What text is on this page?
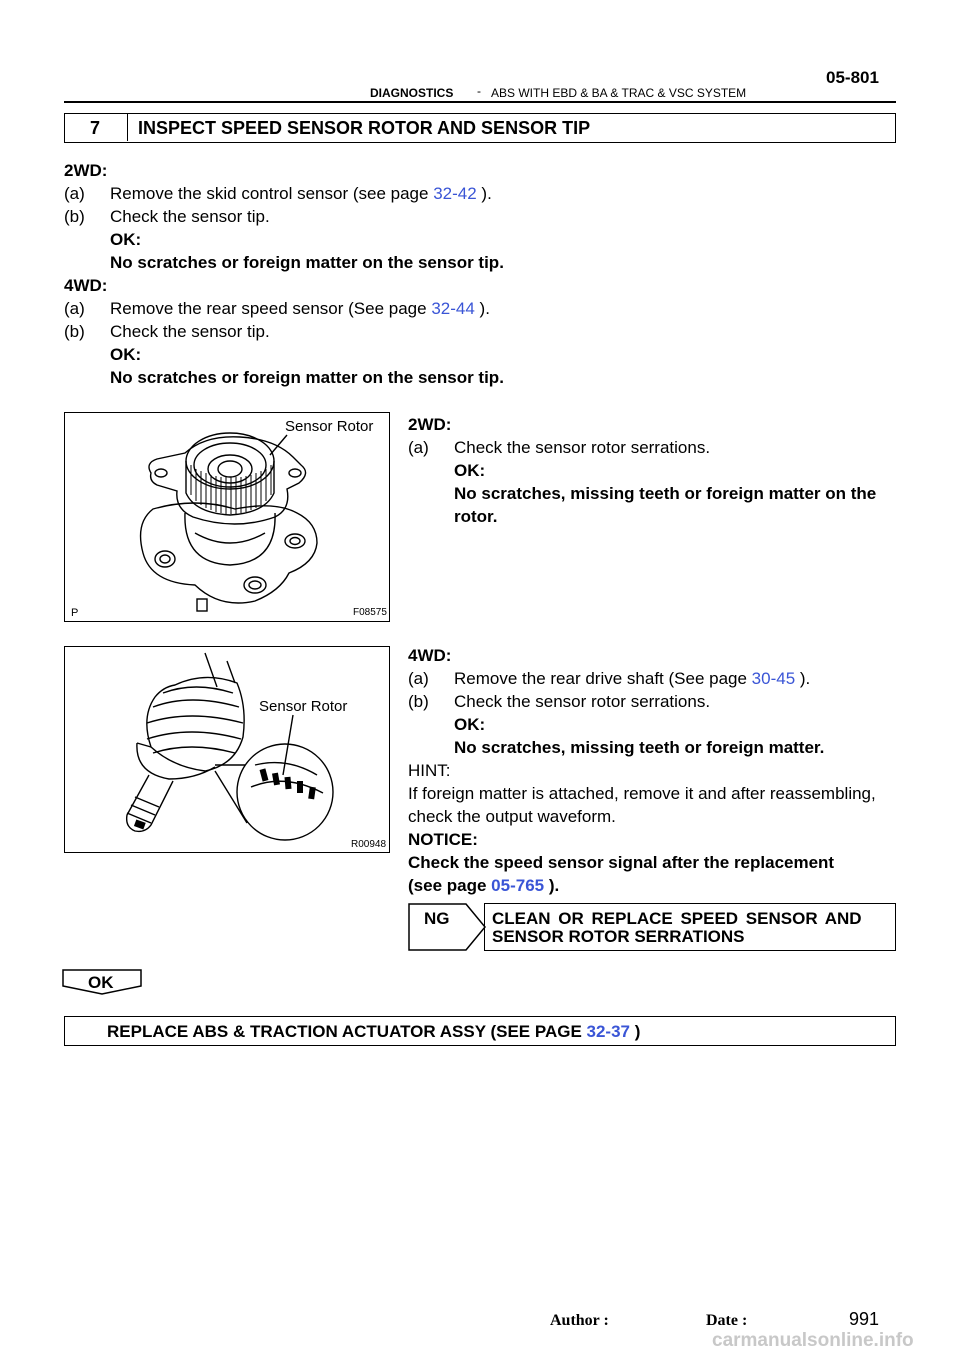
05-801
DIAGNOSTICS - ABS WITH EBD & BA & TRAC & VSC SYSTEM
7 INSPECT SPEED SENSOR ROTOR AND SENSOR TIP
2WD:
(a) Remove the skid control sensor (see page 32-42 ).
(b) Check the sensor tip.
OK:
No scratches or foreign matter on the sensor tip.
4WD:
(a) Remove the rear speed sensor (See page 32-44 ).
(b) Check the sensor tip.
OK:
No scratches or foreign matter on the sensor tip.
Sensor Rotor
F08575
P
2WD:
(a) Check the sensor rotor serrations.
OK:
No scratches, missing teeth or foreign matter on the
rotor.
Sensor Rotor
R00948
4WD:
(a) Remove the rear drive shaft (See page 30-45 ).
(b) Check the sensor rotor serrations.
OK:
No scratches, missing teeth or foreign matter.
HINT:
If foreign matter is attached, remove it and after reassembling,
check the output waveform.
NOTICE:
Check the speed sensor signal after the replacement
(see page 05-765 ).
NG	CLEAN OR REPLACE SPEED SENSOR AND
SENSOR ROTOR SERRATIONS
OK
REPLACE ABS & TRACTION ACTUATOR ASSY (SEE PAGE 32-37 )
Author :	Date :	991
carmanualsonline.info
